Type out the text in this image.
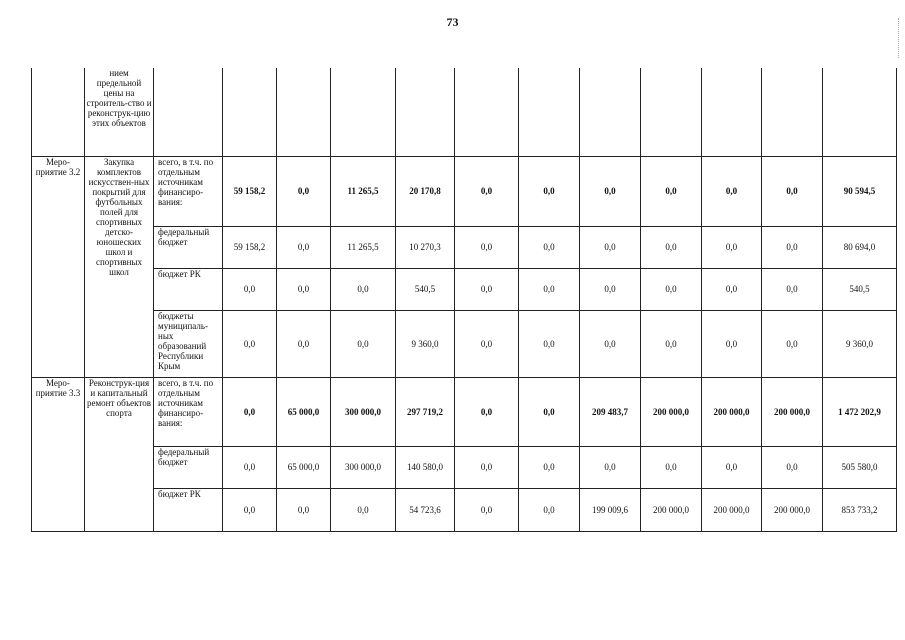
73
	нием предельной цены на строитель-ство и реконструк-цию этих объектов												
Меро-приятие 3.2	Закупка комплектов искусствен-ных покрытий для футбольных полей для спортивных детско-юношеских школ и спортивных школ	всего, в т.ч. по отдельным источникам финансиро-вания:	59 158,2	0,0	11 265,5	20 170,8	0,0	0,0	0,0	0,0	0,0	0,0	90 594,5
		федеральный бюджет	59 158,2	0,0	11 265,5	10 270,3	0,0	0,0	0,0	0,0	0,0	0,0	80 694,0
		бюджет РК	0,0	0,0	0,0	540,5	0,0	0,0	0,0	0,0	0,0	0,0	540,5
		бюджеты муниципаль-ных образований Республики Крым	0,0	0,0	0,0	9 360,0	0,0	0,0	0,0	0,0	0,0	0,0	9 360,0
Меро-приятие 3.3	Реконструк-ция и капитальный ремонт объектов спорта	всего, в т.ч. по отдельным источникам финансиро-вания:	0,0	65 000,0	300 000,0	297 719,2	0,0	0,0	209 483,7	200 000,0	200 000,0	200 000,0	1 472 202,9
		федеральный бюджет	0,0	65 000,0	300 000,0	140 580,0	0,0	0,0	0,0	0,0	0,0	0,0	505 580,0
		бюджет РК	0,0	0,0	0,0	54 723,6	0,0	0,0	199 009,6	200 000,0	200 000,0	200 000,0	853 733,2
